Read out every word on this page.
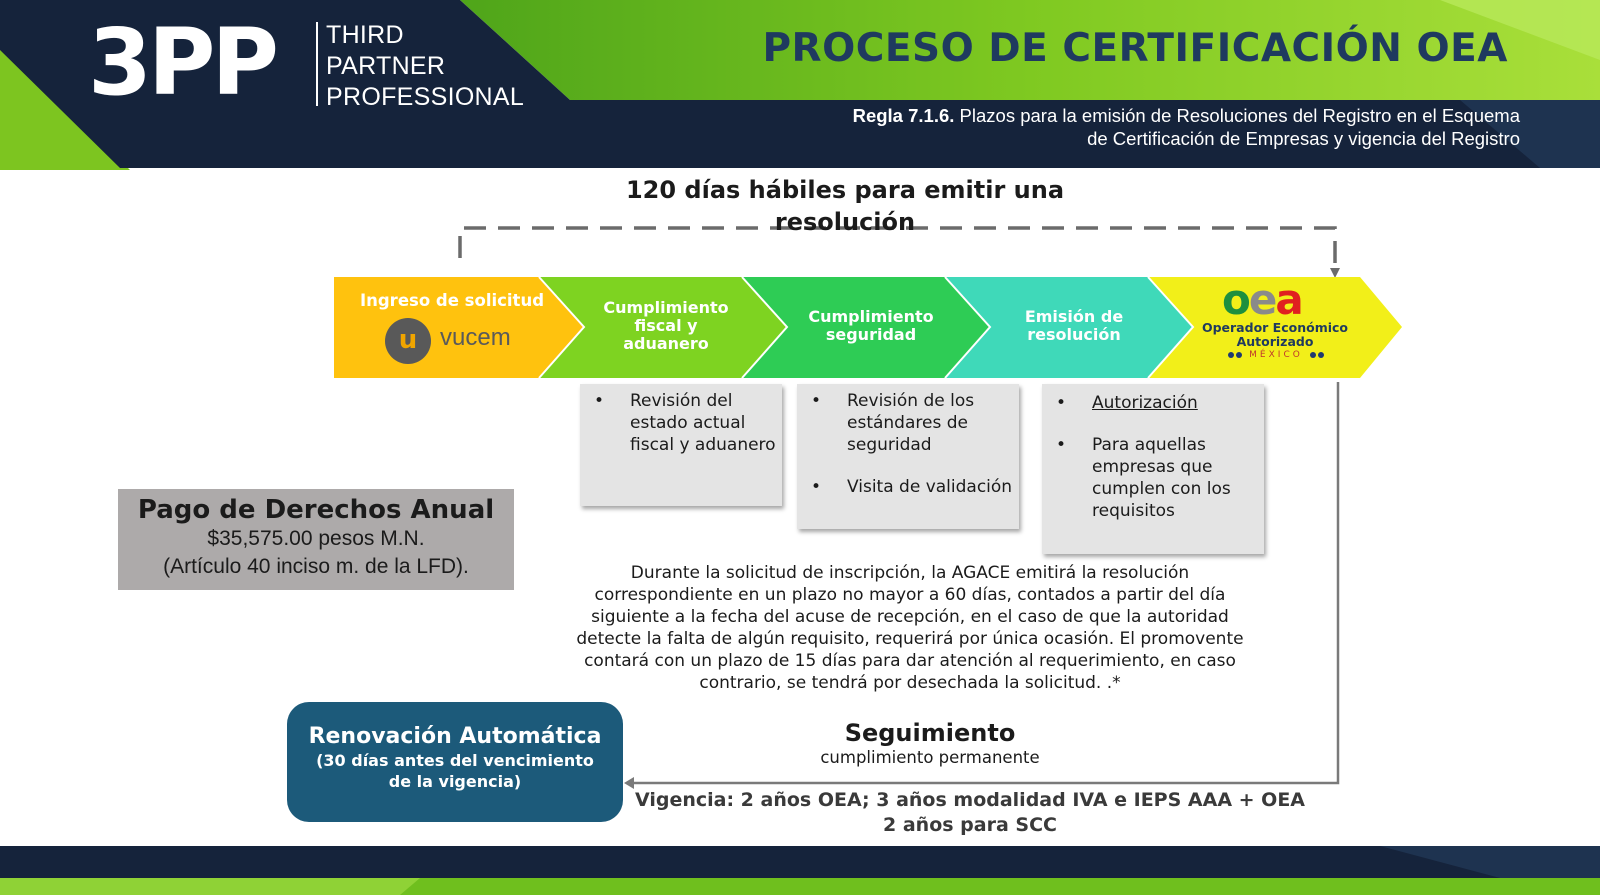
3PP THIRD
PARTNER
PROFESSIONAL
PROCESO DE CERTIFICACIÓN OEA
Regla 7.1.6. Plazos para la emisión de Resoluciones del Registro en el Esquema
de Certificación de Empresas y vigencia del Registro
120 días hábiles para emitir una
resolución
Ingreso de solicitud
u vucem
Cumplimiento
fiscal y
aduanero
Cumplimiento
seguridad
Emisión de
resolución
oea
Operador Económico
Autorizado
MÉXICO
• Revisión del estado actual fiscal y aduanero
• Revisión de los estándares de seguridad
• Visita de validación
• Autorización
• Para aquellas empresas que cumplen con los requisitos
Pago de Derechos Anual
$35,575.00 pesos M.N.
(Artículo 40 inciso m. de la LFD).	Durante la solicitud de inscripción, la AGACE emitirá la resolución correspondiente en un plazo no mayor a 60 días, contados a partir del día siguiente a la fecha del acuse de recepción, en el caso de que la autoridad detecte la falta de algún requisito, requerirá por única ocasión. El promovente contará con un plazo de 15 días para dar atención al requerimiento, en caso contrario, se tendrá por desechada la solicitud. .*
Renovación Automática
(30 días antes del vencimiento
de la vigencia)
Seguimiento
cumplimiento permanente
Vigencia: 2 años OEA; 3 años modalidad IVA e IEPS AAA + OEA
2 años para SCC
